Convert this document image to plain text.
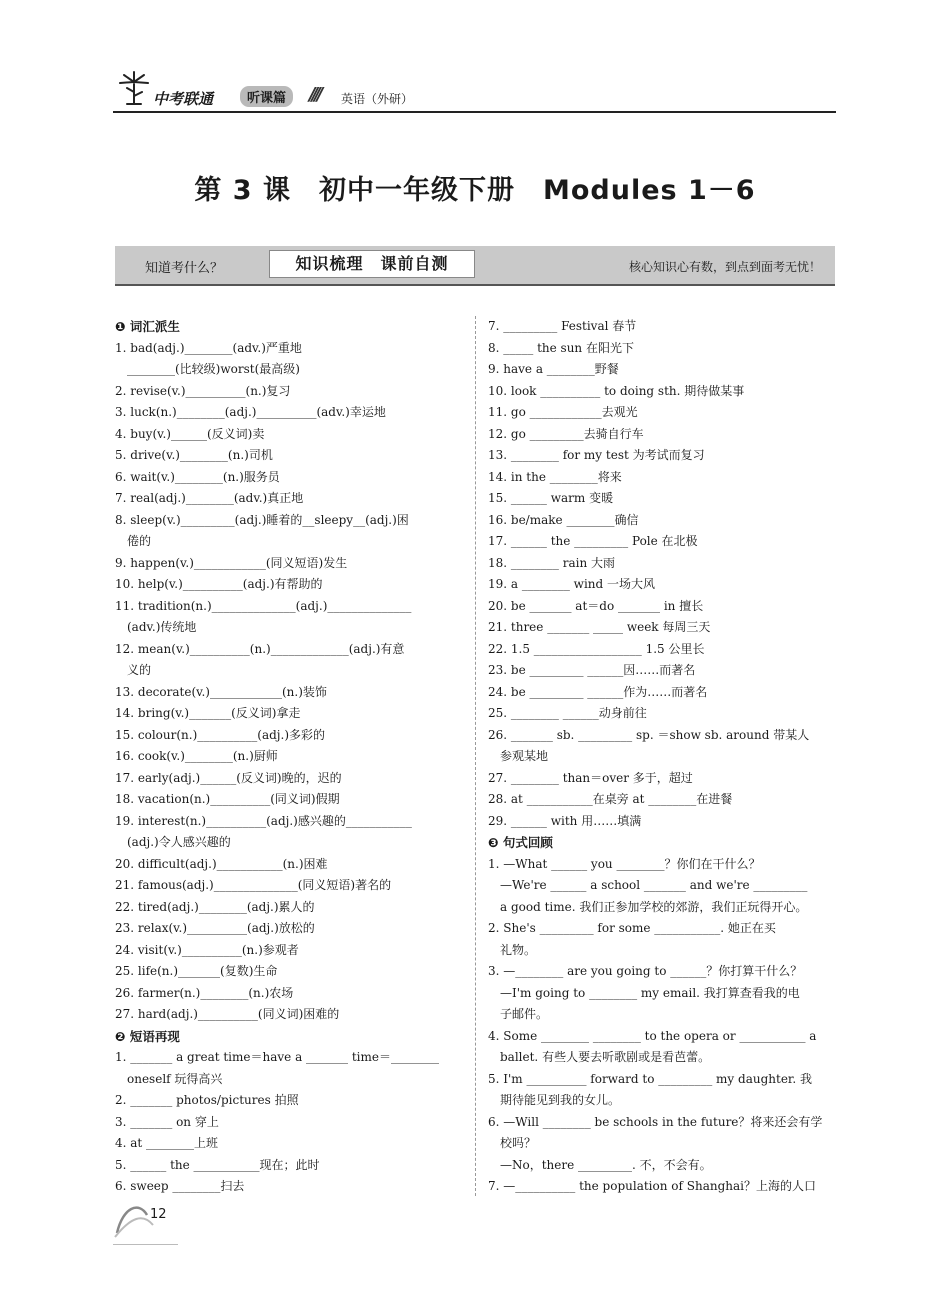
中考联通	听课篇	//// 英语（外研）
第 3 课　初中一年级下册　Modules 1－6
知道考什么？	知识梳理　课前自测	核心知识心有数，到点到面考无忧！
❶ 词汇派生
1. bad(adj.)________(adv.)严重地
________(比较级)worst(最高级)
2. revise(v.)__________(n.)复习
3. luck(n.)________(adj.)__________(adv.)幸运地
4. buy(v.)______(反义词)卖
5. drive(v.)________(n.)司机
6. wait(v.)________(n.)服务员
7. real(adj.)________(adv.)真正地
8. sleep(v.)_________(adj.)睡着的__sleepy__(adj.)困
倦的
9. happen(v.)____________(同义短语)发生
10. help(v.)__________(adj.)有帮助的
11. tradition(n.)______________(adj.)______________
(adv.)传统地
12. mean(v.)__________(n.)_____________(adj.)有意
义的
13. decorate(v.)____________(n.)装饰
14. bring(v.)_______(反义词)拿走
15. colour(n.)__________(adj.)多彩的
16. cook(v.)________(n.)厨师
17. early(adj.)______(反义词)晚的，迟的
18. vacation(n.)__________(同义词)假期
19. interest(n.)__________(adj.)感兴趣的___________
(adj.)令人感兴趣的
20. difficult(adj.)___________(n.)困难
21. famous(adj.)______________(同义短语)著名的
22. tired(adj.)________(adj.)累人的
23. relax(v.)__________(adj.)放松的
24. visit(v.)__________(n.)参观者
25. life(n.)_______(复数)生命
26. farmer(n.)________(n.)农场
27. hard(adj.)__________(同义词)困难的
❷ 短语再现
1. _______ a great time＝have a _______ time＝________
oneself 玩得高兴
2. _______ photos/pictures 拍照
3. _______ on 穿上
4. at ________上班
5. ______ the ___________现在；此时
6. sweep ________扫去
7. _________ Festival 春节
8. _____ the sun 在阳光下
9. have a ________野餐
10. look __________ to doing sth. 期待做某事
11. go ____________去观光
12. go _________去骑自行车
13. ________ for my test 为考试而复习
14. in the ________将来
15. ______ warm 变暖
16. be/make ________确信
17. ______ the _________ Pole 在北极
18. ________ rain 大雨
19. a ________ wind 一场大风
20. be _______ at＝do _______ in 擅长
21. three _______ _____ week 每周三天
22. 1.5 __________________ 1.5 公里长
23. be _________ ______因……而著名
24. be _________ ______作为……而著名
25. ________ ______动身前往
26. _______ sb. _________ sp. ＝show sb. around 带某人
参观某地
27. ________ than＝over 多于，超过
28. at ___________在桌旁 at ________在进餐
29. ______ with 用……填满
❸ 句式回顾
1. —What ______ you ________？你们在干什么？
—We're ______ a school _______ and we're _________
a good time. 我们正参加学校的郊游，我们正玩得开心。
2. She's _________ for some ___________. 她正在买
礼物。
3. —________ are you going to ______？你打算干什么？
—I'm going to ________ my email. 我打算查看我的电
子邮件。
4. Some ________ ________ to the opera or ___________ a
ballet. 有些人要去听歌剧或是看芭蕾。
5. I'm __________ forward to _________ my daughter. 我
期待能见到我的女儿。
6. —Will ________ be schools in the future？将来还会有学
校吗？
—No，there _________. 不，不会有。
7. —__________ the population of Shanghai？上海的人口
12
